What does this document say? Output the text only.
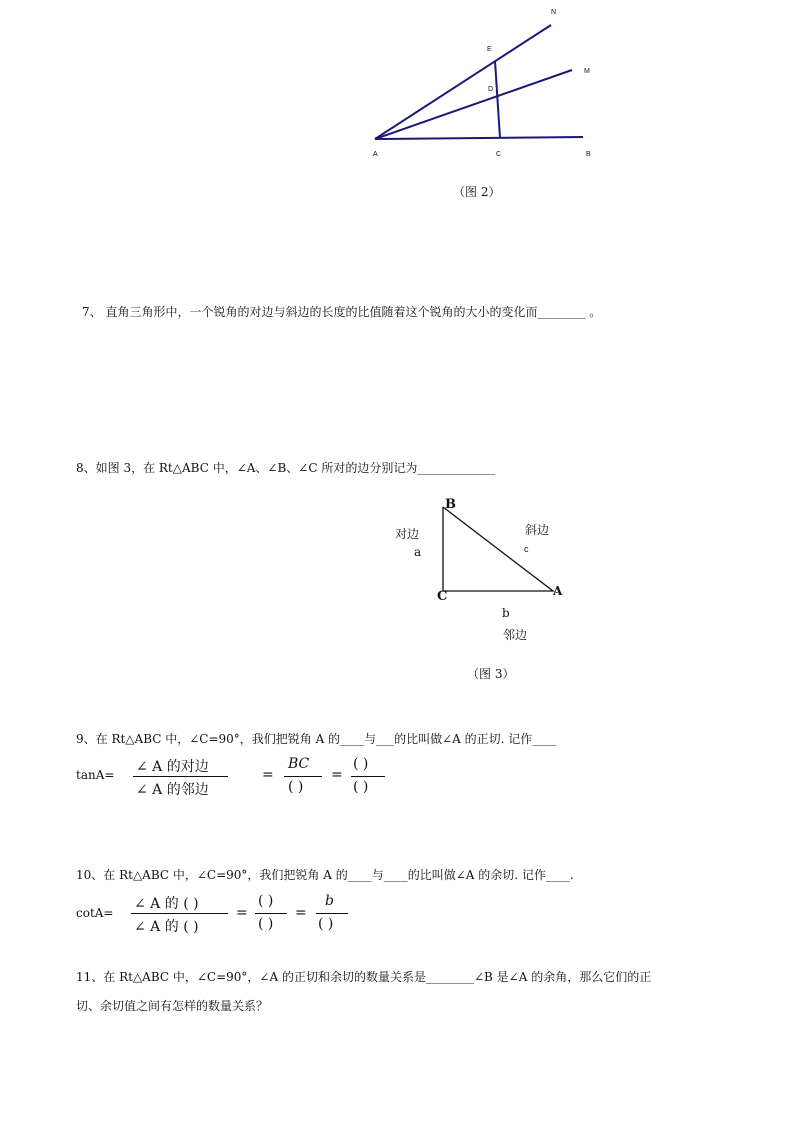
N
E
M
D
A	C	B
（图 2）
7、 直角三角形中，一个锐角的对边与斜边的长度的比值随着这个锐角的大小的变化而________ 。
8、如图 3，在 Rt△ABC 中，∠A、∠B、∠C 所对的边分别记为_____________
B
C	A
对边
a
斜边
c
b
邻边
（图 3）
9、在 Rt△ABC 中，∠C=90°，我们把锐角 A 的____与___的比叫做∠A 的正切. 记作____
tanA= ∠ A 的对边
∠ A 的邻边
=
BC
( )
=
( )
( )
10、在 Rt△ABC 中，∠C=90°，我们把锐角 A 的____与____的比叫做∠A 的余切. 记作____.
cotA=
∠ A 的 ( )
∠ A 的 ( )
=
( )
( )
=
b
( )
11、在 Rt△ABC 中，∠C=90°，∠A 的正切和余切的数量关系是________∠B 是∠A 的余角，那么它们的正
切、余切值之间有怎样的数量关系？
